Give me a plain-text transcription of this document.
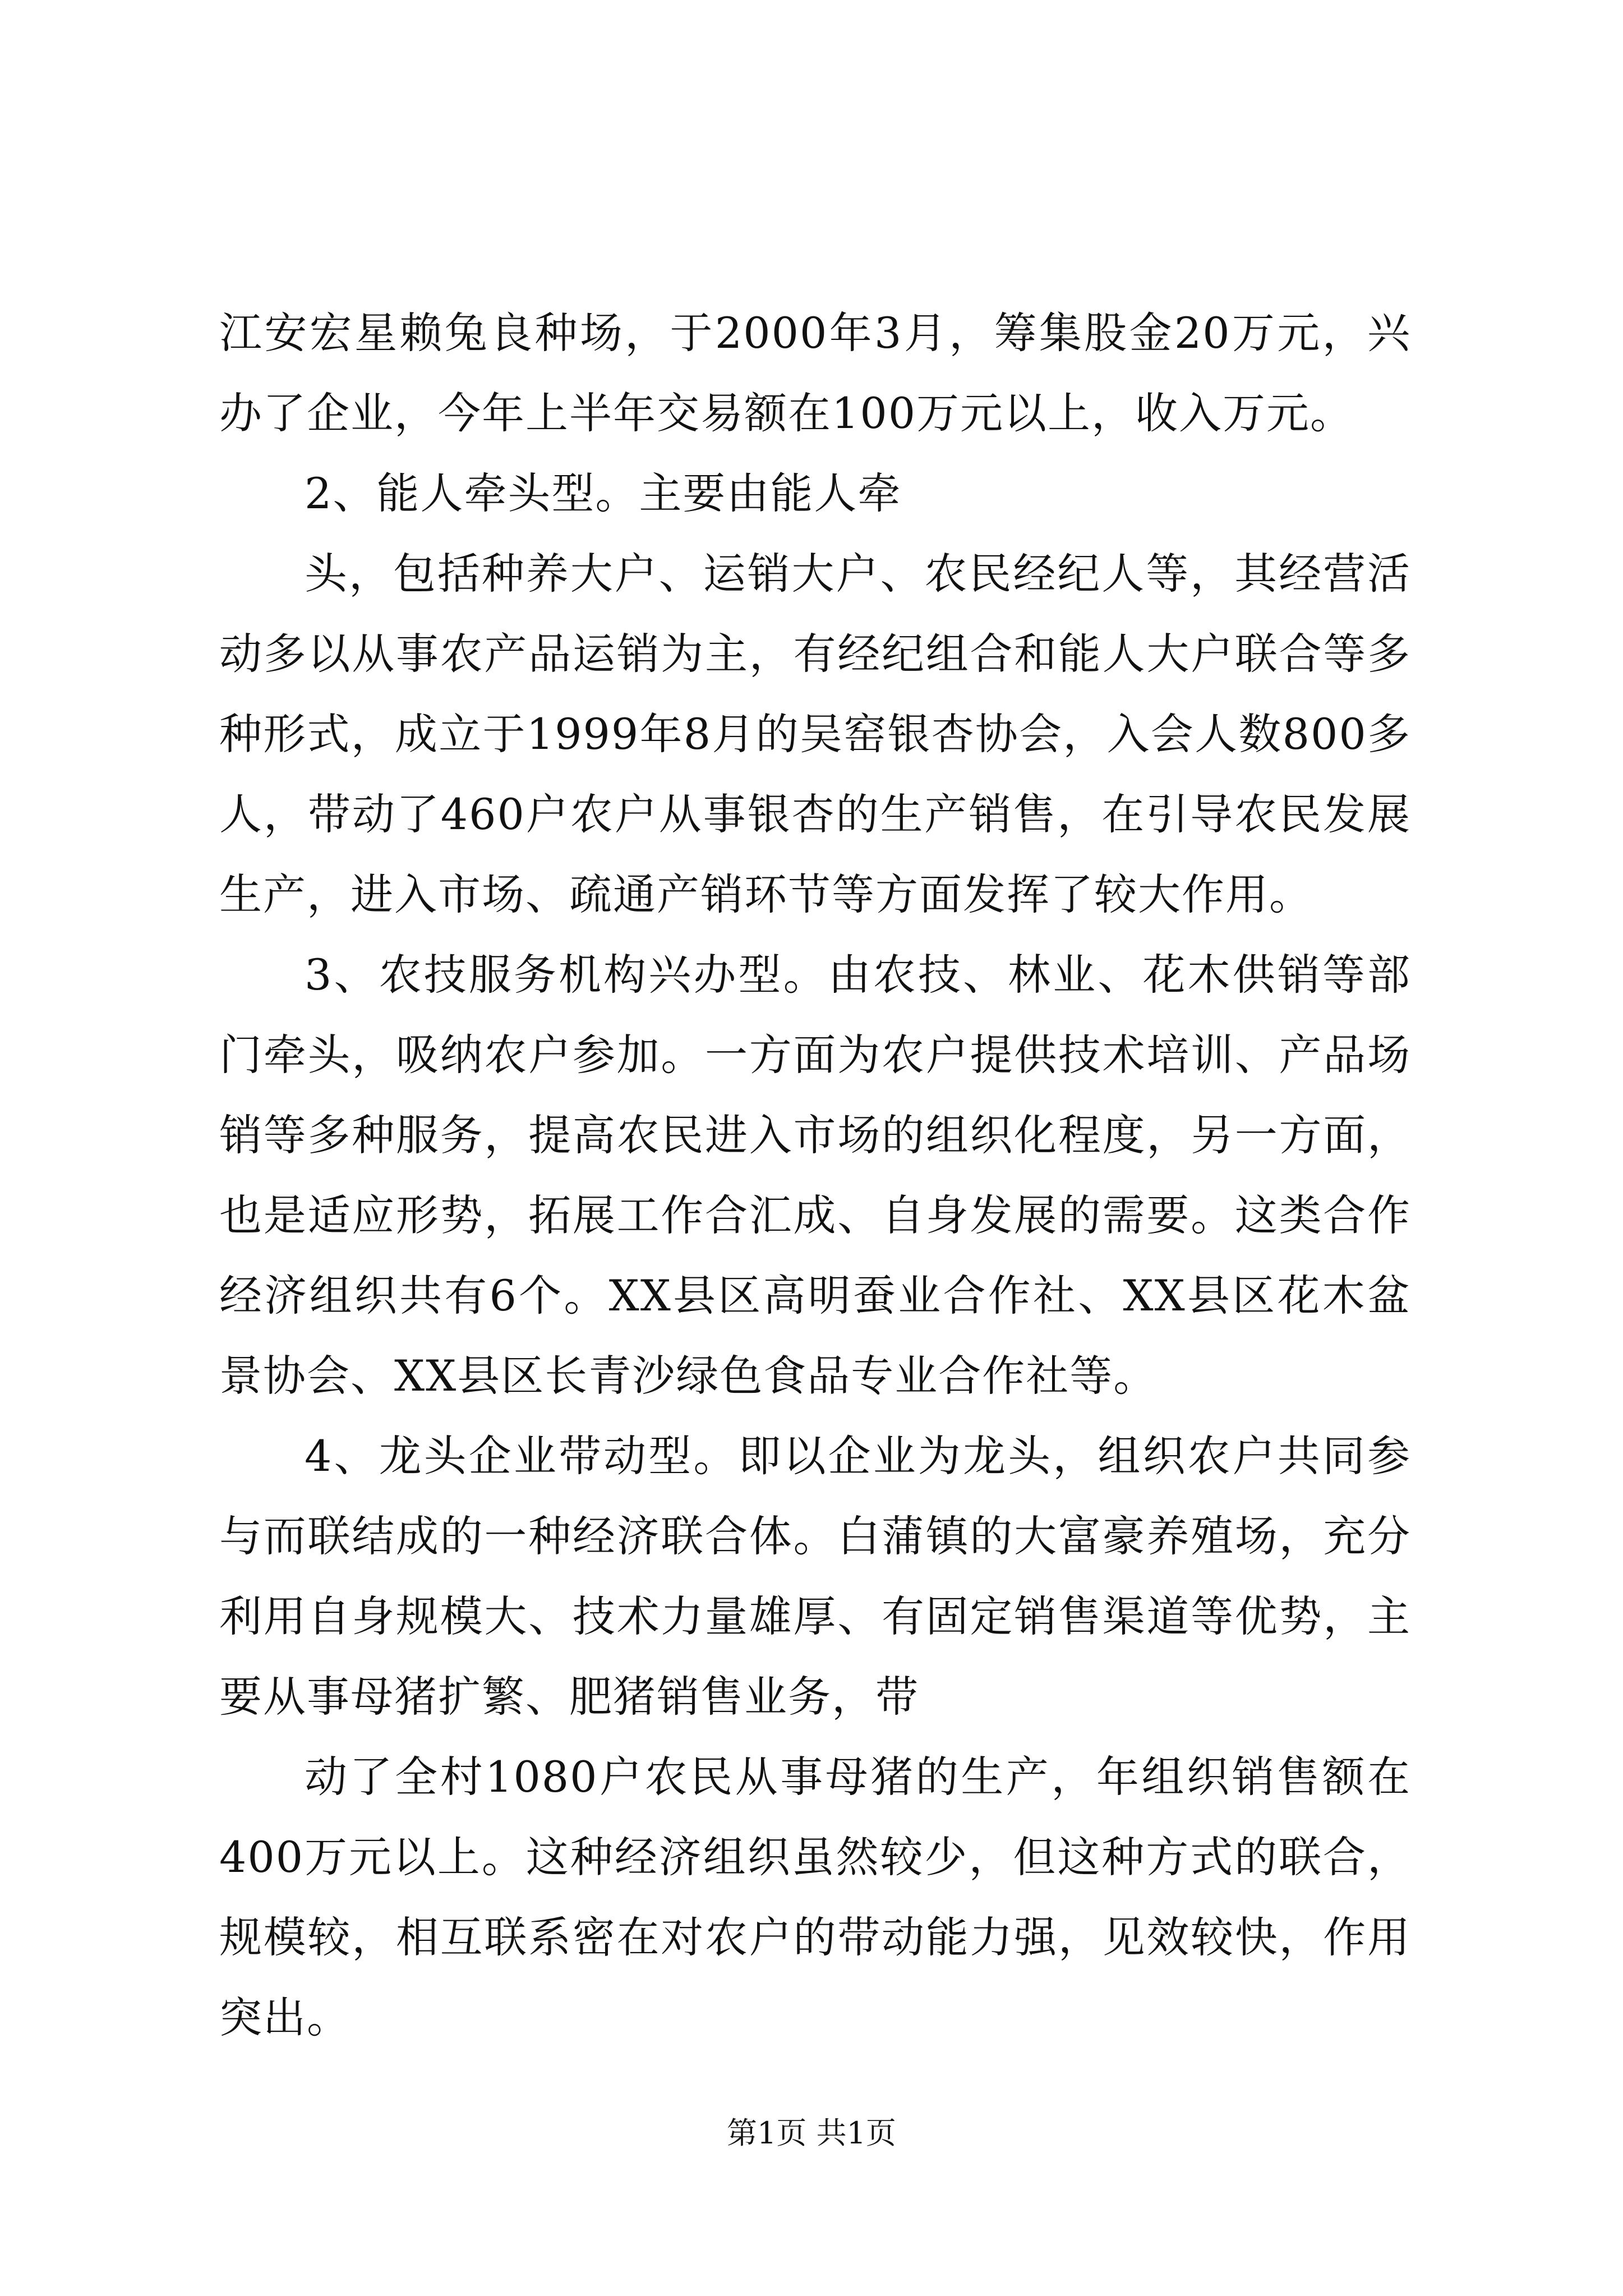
江安宏星赖兔良种场，于2000年3月，筹集股金20万元，兴办了企业，今年上半年交易额在100万元以上，收入万元。

2、能人牵头型。主要由能人牵

头，包括种养大户、运销大户、农民经纪人等，其经营活动多以从事农产品运销为主，有经纪组合和能人大户联合等多种形式，成立于1999年8月的吴窑银杏协会，入会人数800多人，带动了460户农户从事银杏的生产销售，在引导农民发展生产，进入市场、疏通产销环节等方面发挥了较大作用。

3、农技服务机构兴办型。由农技、林业、花木供销等部门牵头，吸纳农户参加。一方面为农户提供技术培训、产品场销等多种服务，提高农民进入市场的组织化程度，另一方面，也是适应形势，拓展工作合汇成、自身发展的需要。这类合作经济组织共有6个。XX县区高明蚕业合作社、XX县区花木盆景协会、XX县区长青沙绿色食品专业合作社等。

4、龙头企业带动型。即以企业为龙头，组织农户共同参与而联结成的一种经济联合体。白蒲镇的大富豪养殖场，充分利用自身规模大、技术力量雄厚、有固定销售渠道等优势，主要从事母猪扩繁、肥猪销售业务，带

动了全村1080户农民从事母猪的生产，年组织销售额在400万元以上。这种经济组织虽然较少，但这种方式的联合，规模较，相互联系密在对农户的带动能力强，见效较快，作用突出。

第1页 共1页
